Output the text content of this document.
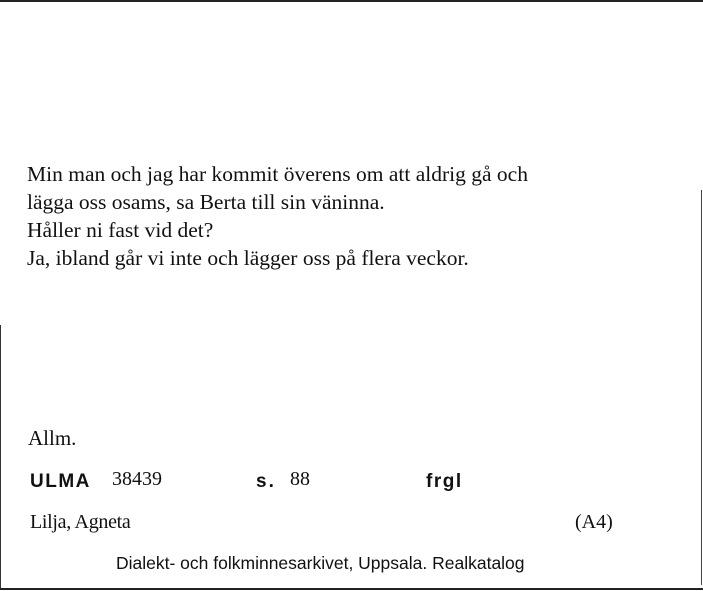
Min man och jag har kommit överens om att aldrig gå och
lägga oss osams, sa Berta till sin väninna.
Håller ni fast vid det?
Ja, ibland går vi inte och lägger oss på flera veckor.
Allm.
ULMA 38439	s. 88	frgl
Lilja, Agneta	(A4)
Dialekt- och folkminnesarkivet, Uppsala. Realkatalog
